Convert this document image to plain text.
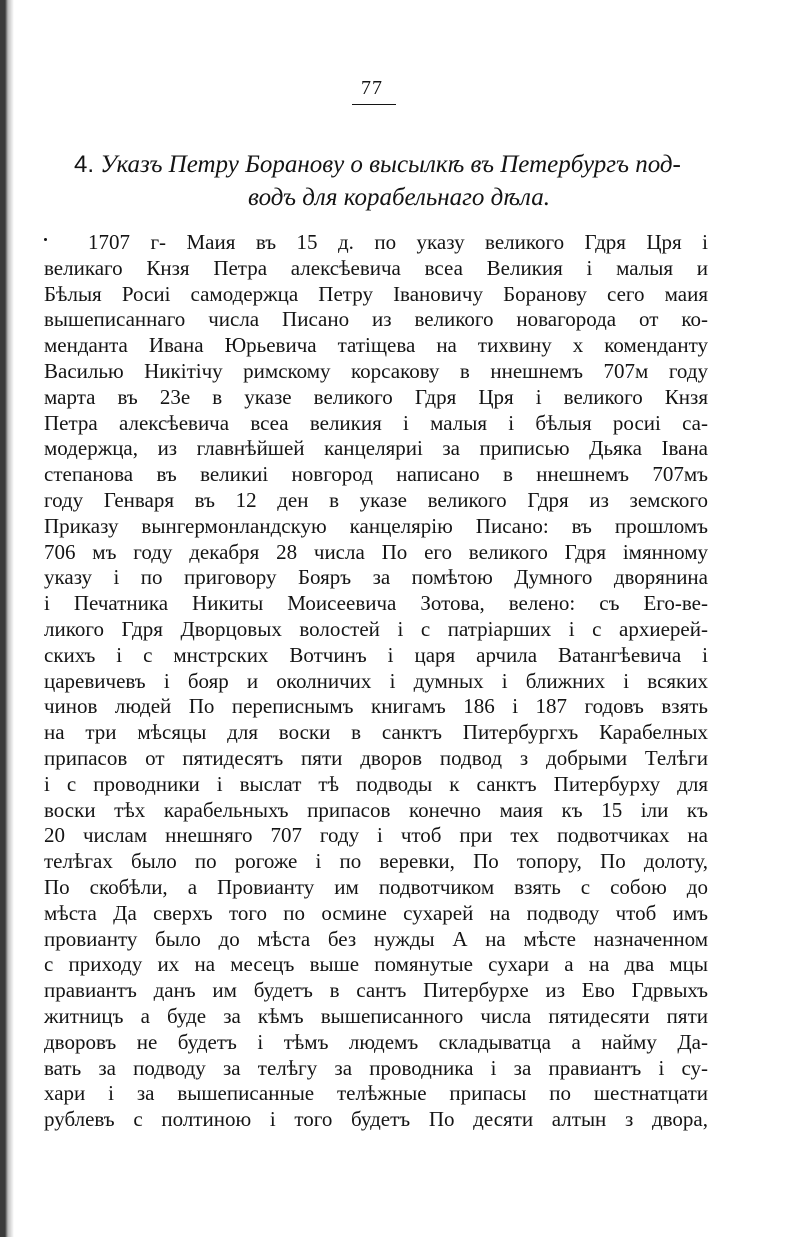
77
4. Указъ Петру Боранову о высылкѣ въ Петербургъ под-
водъ для корабельнаго дѣла.
1707 г- Маия въ 15 д. по указу великого Гдря Цря і
великаго Кнзя Петра алексѣевича всеа Великия і малыя и
Бѣлыя Росиі самодержца Петру Івановичу Боранову сего маия
вышеписаннаго числа Писано из великого новагорода от ко-
менданта Ивана Юрьевича татіщева на тихвину х коменданту
Василью Никітічу римскому корсакову в ннешнемъ 707м году
марта въ 23е в указе великого Гдря Цря і великого Кнзя
Петра алексѣевича всеа великия і малыя і бѣлыя росиі са-
модержца, из главнѣйшей канцеляриі за приписью Дьяка Івана
степанова въ великиі новгород написано в ннешнемъ 707мъ
году Генваря въ 12 ден в указе великого Гдря из земского
Приказу вынгермонландскую канцелярію Писано: въ прошломъ
706 мъ году декабря 28 числа По его великого Гдря імянному
указу і по приговору Бояръ за помѣтою Думного дворянина
і Печатника Никиты Моисеевича Зотова, велено: съ Его-ве-
ликого Гдря Дворцовых волостей і с патріарших і с архиерей-
скихъ і с мнстрских Вотчинъ і царя арчила Ватангѣевича і
царевичевъ і бояр и околничих і думных і ближних і всяких
чинов людей По переписнымъ книгамъ 186 і 187 годовъ взять
на три мѣсяцы для воски в санктъ Питербургхъ Карабелных
припасов от пятидесятъ пяти дворов подвод з добрыми Телѣги
і с проводники і выслат тѣ подводы к санктъ Питербурху для
воски тѣх карабельныхъ припасов конечно маия къ 15 іли къ
20 числам ннешняго 707 году і чтоб при тех подвотчиках на
телѣгах было по рогоже і по веревки, По топору, По долоту,
По скобѣли, а Провианту им подвотчиком взять с собою до
мѣста Да сверхъ того по осмине сухарей на подводу чтоб имъ
провианту было до мѣста без нужды А на мѣсте назначенном
с приходу их на месецъ выше помянутые сухари а на два мцы
правиантъ данъ им будетъ в сантъ Питербурхе из Ево Гдрвыхъ
житницъ а буде за кѣмъ вышеписанного числа пятидесяти пяти
дворовъ не будетъ і тѣмъ людемъ складыватца а найму Да-
вать за подводу за телѣгу за проводника і за правиантъ і су-
хари і за вышеписанные телѣжные припасы по шестнатцати
рублевъ с полтиною і того будетъ По десяти алтын з двора,
